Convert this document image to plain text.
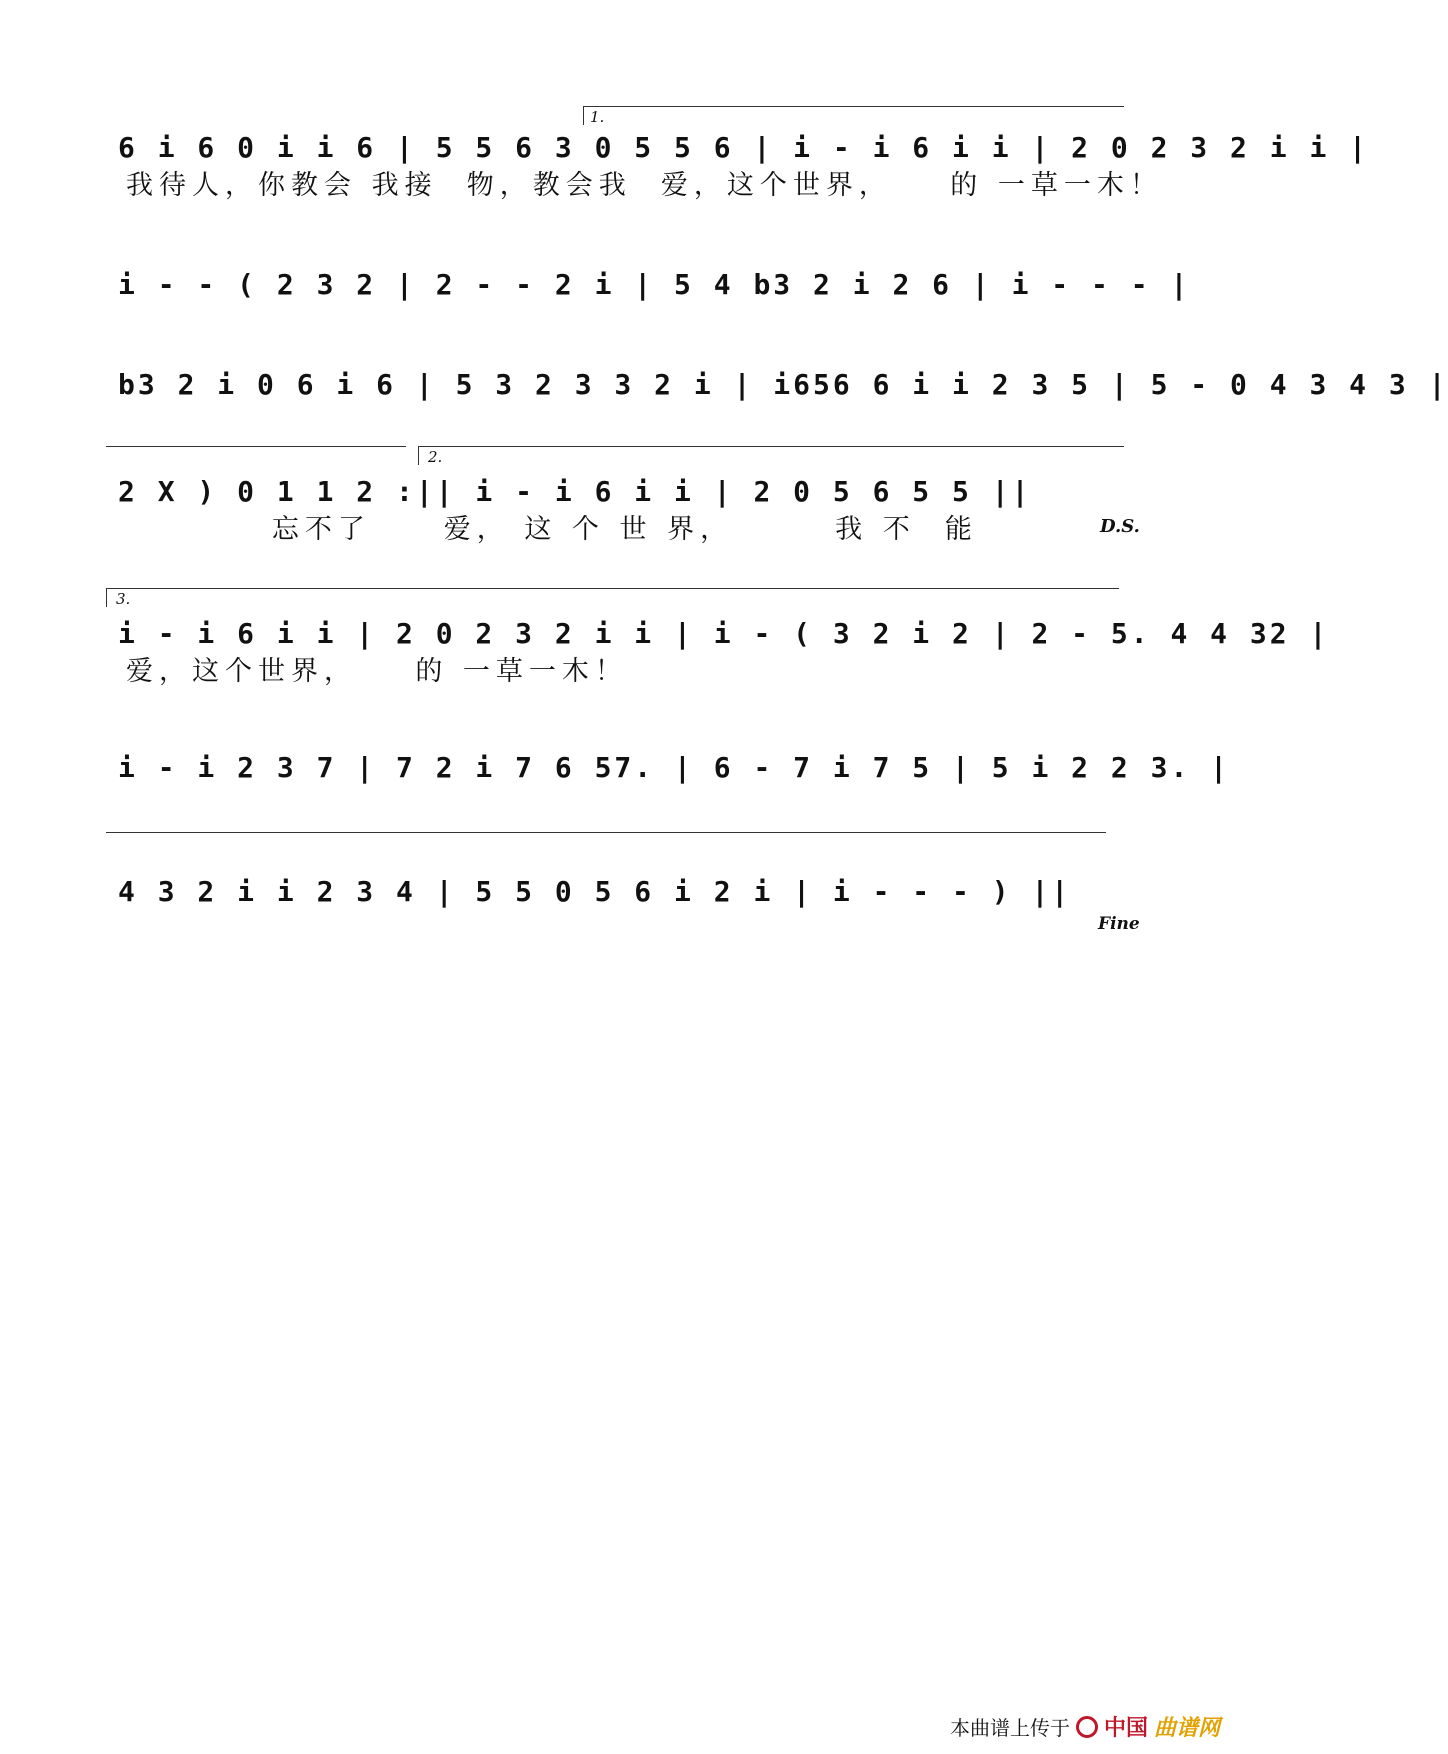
1.
6 i 6 0 i i 6 | 5 5 6 3 0 5 5 6 | i - i 6 i i | 2 0 2 3 2 i i |
我待人，你教会 我接  物，教会我  爱，这个世界，    的 一草一木！
i - - ( 2 3 2 | 2 - - 2 i | 5 4 b3 2 i 2 6 | i - - - |
b3 2 i 0 6 i 6 | 5 3 2 3 3 2 i | i656 6 i i 2 3 5 | 5 - 0 4 3 4 3 |
2.
2 X ) 0 1 1 2 :|| i - i 6 i i | 2 0 5 6 5 5 ||
忘不了     爱， 这 个 世 界，       我 不  能	D.S.
3.
i - i 6 i i | 2 0 2 3 2 i i | i - ( 3 2 i 2 | 2 - 5. 4 4 32 |
爱，这个世界，    的 一草一木！
i - i 2 3 7 | 7 2 i 7 6 57. | 6 - 7 i 7 5 | 5 i 2 2 3. |
4 3 2 i i 2 3 4 | 5 5 0 5 6 i 2 i | i - - - ) ||
Fine
本曲谱上传于 中国 曲谱网
